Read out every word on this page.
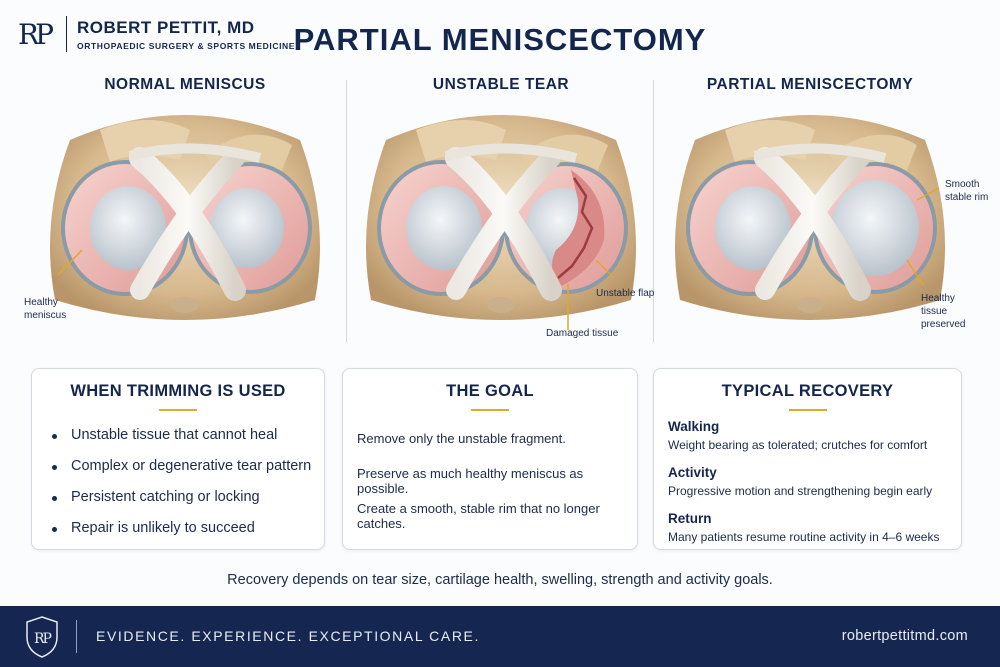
RP	ROBERT PETTIT, MD
ORTHOPAEDIC SURGERY & SPORTS MEDICINE
PARTIAL MENISCECTOMY
NORMAL MENISCUS
Healthy meniscus
UNSTABLE TEAR
Unstable flap
Damaged tissue
PARTIAL MENISCECTOMY
Smooth stable rim
Healthy tissue preserved
WHEN TRIMMING IS USED
Unstable tissue that cannot heal
Complex or degenerative tear pattern
Persistent catching or locking
Repair is unlikely to succeed
THE GOAL
Remove only the unstable fragment.
Preserve as much healthy meniscus as possible.
Create a smooth, stable rim that no longer catches.
TYPICAL RECOVERY
Walking
Weight bearing as tolerated; crutches for comfort
Activity
Progressive motion and strengthening begin early
Return
Many patients resume routine activity in 4–6 weeks
Recovery depends on tear size, cartilage health, swelling, strength and activity goals.
RP	EVIDENCE. EXPERIENCE. EXCEPTIONAL CARE.	robertpettitmd.com
